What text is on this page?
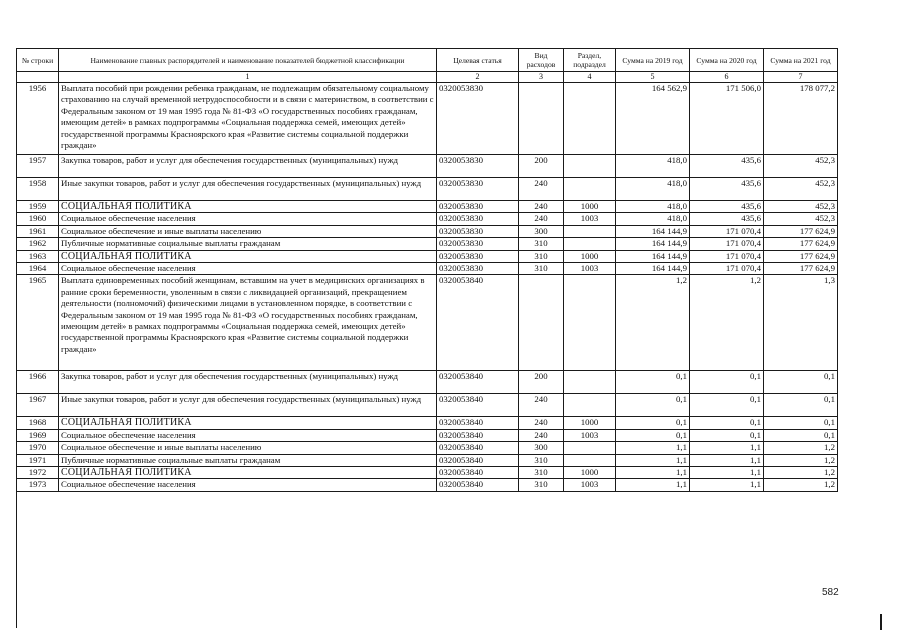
№ строки	Наименование главных распорядителей и наименование показателей бюджетной классификации	Целевая статья	Вид расходов	Раздел, подраздел	Сумма на 2019 год	Сумма на 2020 год	Сумма на 2021 год
	1	2	3	4	5	6	7
1956	Выплата пособий при рождении ребенка гражданам, не подлежащим обязательному социальному страхованию на случай временной нетрудоспособности и в связи с материнством, в соответствии с Федеральным законом от 19 мая 1995 года № 81-ФЗ «О государственных пособиях гражданам, имеющим детей» в рамках подпрограммы «Социальная поддержка семей, имеющих детей» государственной программы Красноярского края «Развитие системы социальной поддержки граждан»	0320053830			164 562,9	171 506,0	178 077,2
1957	Закупка товаров, работ и услуг для обеспечения государственных (муниципальных) нужд	0320053830	200		418,0	435,6	452,3
1958	Иные закупки товаров, работ и услуг для обеспечения государственных (муниципальных) нужд	0320053830	240		418,0	435,6	452,3
1959	СОЦИАЛЬНАЯ ПОЛИТИКА	0320053830	240	1000	418,0	435,6	452,3
1960	Социальное обеспечение населения	0320053830	240	1003	418,0	435,6	452,3
1961	Социальное обеспечение и иные выплаты населению	0320053830	300		164 144,9	171 070,4	177 624,9
1962	Публичные нормативные социальные выплаты гражданам	0320053830	310		164 144,9	171 070,4	177 624,9
1963	СОЦИАЛЬНАЯ ПОЛИТИКА	0320053830	310	1000	164 144,9	171 070,4	177 624,9
1964	Социальное обеспечение населения	0320053830	310	1003	164 144,9	171 070,4	177 624,9
1965	Выплата единовременных пособий женщинам, вставшим на учет в медицинских организациях в ранние сроки беременности, уволенным в связи с ликвидацией организаций, прекращением деятельности (полномочий) физическими лицами в установленном порядке, в соответствии с Федеральным законом от 19 мая 1995 года № 81-ФЗ «О государственных пособиях гражданам, имеющим детей» в рамках подпрограммы «Социальная поддержка семей, имеющих детей» государственной программы Красноярского края «Развитие системы социальной поддержки граждан»	0320053840			1,2	1,2	1,3
1966	Закупка товаров, работ и услуг для обеспечения государственных (муниципальных) нужд	0320053840	200		0,1	0,1	0,1
1967	Иные закупки товаров, работ и услуг для обеспечения государственных (муниципальных) нужд	0320053840	240		0,1	0,1	0,1
1968	СОЦИАЛЬНАЯ ПОЛИТИКА	0320053840	240	1000	0,1	0,1	0,1
1969	Социальное обеспечение населения	0320053840	240	1003	0,1	0,1	0,1
1970	Социальное обеспечение и иные выплаты населению	0320053840	300		1,1	1,1	1,2
1971	Публичные нормативные социальные выплаты гражданам	0320053840	310		1,1	1,1	1,2
1972	СОЦИАЛЬНАЯ ПОЛИТИКА	0320053840	310	1000	1,1	1,1	1,2
1973	Социальное обеспечение населения	0320053840	310	1003	1,1	1,1	1,2
582
